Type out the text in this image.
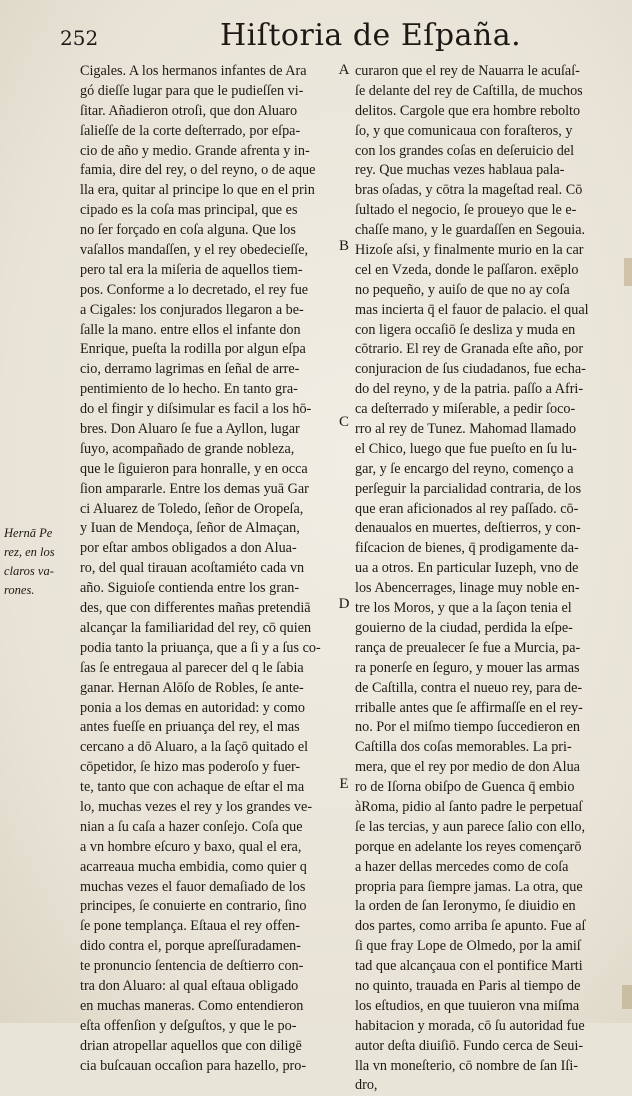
252	Hiſtoria de Eſpaña.
Hernā Pe
rez, en los
claros va-
rones.
Cigales. A los hermanos infantes de Ara
gó dieſſe lugar para que le pudieſſen vi-
ſitar. Añadieron otroſi, que don Aluaro
ſalieſſe de la corte deſterrado, por eſpa-
cio de año y medio. Grande afrenta y in-
famia, dire del rey, o del reyno, o de aque
lla era, quitar al principe lo que en el prin
cipado es la coſa mas principal, que es
no ſer forçado en coſa alguna. Que los
vaſallos mandaſſen, y el rey obedecieſſe,
pero tal era la miſeria de aquellos tiem-
pos. Conforme a lo decretado, el rey fue
a Cigales: los conjurados llegaron a be-
ſalle la mano. entre ellos el infante don
Enrique, pueſta la rodilla por algun eſpa
cio, derramo lagrimas en ſeñal de arre-
pentimiento de lo hecho. En tanto gra-
do el fingir y diſsimular es facil a los hō-
bres. Don Aluaro ſe fue a Ayllon, lugar
ſuyo, acompañado de grande nobleza,
que le ſiguieron para honralle, y en occa
ſion ampararle. Entre los demas yuā Gar
ci Aluarez de Toledo, ſeñor de Oropeſa,
y Iuan de Mendoça, ſeñor de Almaçan,
por eſtar ambos obligados a don Alua-
ro, del qual tirauan acoſtamiéto cada vn
año. Siguioſe contienda entre los gran-
des, que con differentes mañas pretendiā
alcançar la familiaridad del rey, cō quien
podia tanto la priuança, que a ſi y a ſus co-
ſas ſe entregaua al parecer del q le ſabia
ganar. Hernan Alōſo de Robles, ſe ante-
ponia a los demas en autoridad: y como
antes fueſſe en priuança del rey, el mas
cercano a dō Aluaro, a la ſaçō quitado el
cōpetidor, ſe hizo mas poderoſo y fuer-
te, tanto que con achaque de eſtar el ma
lo, muchas vezes el rey y los grandes ve-
nian a ſu caſa a hazer conſejo. Coſa que
a vn hombre eſcuro y baxo, qual el era,
acarreaua mucha embidia, como quier q
muchas vezes el fauor demaſiado de los
principes, ſe conuierte en contrario, ſino
ſe pone templança. Eſtaua el rey offen-
dido contra el, porque apreſſuradamen-
te pronuncio ſentencia de deſtierro con-
tra don Aluaro: al qual eſtaua obligado
en muchas maneras. Como entendieron
eſta offenſion y deſguſtos, y que le po-
drian atropellar aquellos que con diligē
cia buſcauan occaſion para hazello, pro-
A
B
C
D
E
curaron que el rey de Nauarra le acuſaſ-
ſe delante del rey de Caſtilla, de muchos
delitos. Cargole que era hombre rebolto
ſo, y que comunicaua con foraſteros, y
con los grandes coſas en deſeruicio del
rey. Que muchas vezes hablaua pala-
bras oſadas, y cōtra la mageſtad real. Cō
ſultado el negocio, ſe proueyo que le e-
chaſſe mano, y le guardaſſen en Segouia.
Hizoſe aſsi, y finalmente murio en la car
cel en Vzeda, donde le paſſaron. exēplo
no pequeño, y auiſo de que no ay coſa
mas incierta q̄ el fauor de palacio. el qual
con ligera occaſiō ſe desliza y muda en
cōtrario. El rey de Granada eſte año, por
conjuracion de ſus ciudadanos, fue echa-
do del reyno, y de la patria. paſſo a Afri-
ca deſterrado y miſerable, a pedir ſoco-
rro al rey de Tunez. Mahomad llamado
el Chico, luego que fue pueſto en ſu lu-
gar, y ſe encargo del reyno, començo a
perſeguir la parcialidad contraria, de los
que eran aficionados al rey paſſado. cō-
denaualos en muertes, deſtierros, y con-
fiſcacion de bienes, q̄ prodigamente da-
ua a otros. En particular Iuzeph, vno de
los Abencerrages, linage muy noble en-
tre los Moros, y que a la ſaçon tenia el
gouierno de la ciudad, perdida la eſpe-
rança de preualecer ſe fue a Murcia, pa-
ra ponerſe en ſeguro, y mouer las armas
de Caſtilla, contra el nueuo rey, para de-
rriballe antes que ſe affirmaſſe en el rey-
no. Por el miſmo tiempo ſuccedieron en
Caſtilla dos coſas memorables. La pri-
mera, que el rey por medio de don Alua
ro de Iſorna obiſpo de Guenca q̄ embio
àRoma, pidio al ſanto padre le perpetuaſ
ſe las tercias, y aun parece ſalio con ello,
porque en adelante los reyes començarō
a hazer dellas mercedes como de coſa
propria para ſiempre jamas. La otra, que
la orden de ſan Ieronymo, ſe diuidio en
dos partes, como arriba ſe apunto. Fue aſ
ſi que fray Lope de Olmedo, por la amiſ
tad que alcançaua con el pontifice Marti
no quinto, trauada en Paris al tiempo de
los eſtudios, en que tuuieron vna miſma
habitacion y morada, cō ſu autoridad fue
autor deſta diuiſiō. Fundo cerca de Seui-
lla vn moneſterio, cō nombre de ſan Iſi-
dro,
